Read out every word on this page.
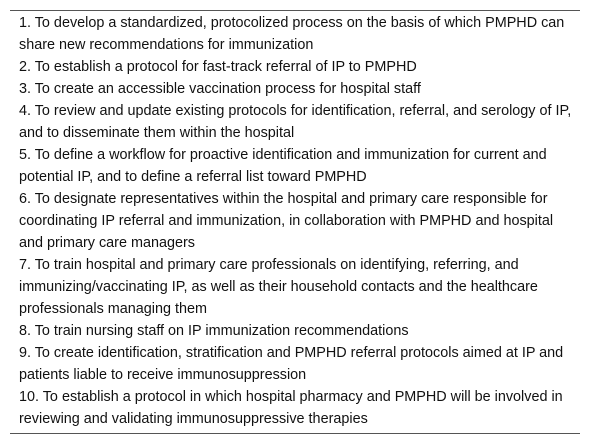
1. To develop a standardized, protocolized process on the basis of which PMPHD can share new recommendations for immunization
2. To establish a protocol for fast-track referral of IP to PMPHD
3. To create an accessible vaccination process for hospital staff
4. To review and update existing protocols for identification, referral, and serology of IP, and to disseminate them within the hospital
5. To define a workflow for proactive identification and immunization for current and potential IP, and to define a referral list toward PMPHD
6. To designate representatives within the hospital and primary care responsible for coordinating IP referral and immunization, in collaboration with PMPHD and hospital and primary care managers
7. To train hospital and primary care professionals on identifying, referring, and immunizing/vaccinating IP, as well as their household contacts and the healthcare professionals managing them
8. To train nursing staff on IP immunization recommendations
9. To create identification, stratification and PMPHD referral protocols aimed at IP and patients liable to receive immunosuppression
10. To establish a protocol in which hospital pharmacy and PMPHD will be involved in reviewing and validating immunosuppressive therapies
